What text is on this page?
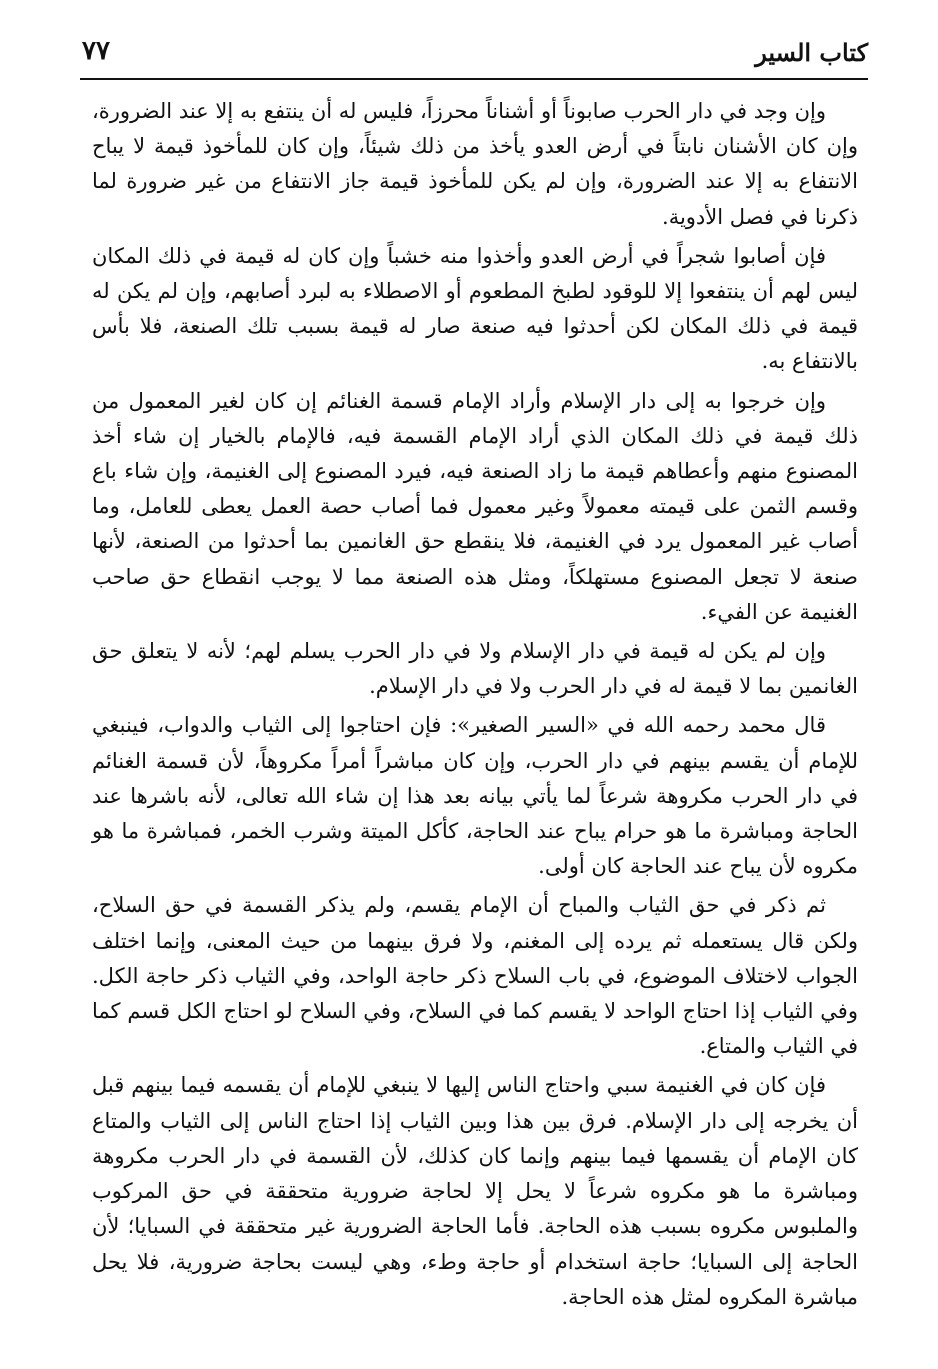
كتاب السير
٧٧

وإن وجد في دار الحرب صابوناً أو أشناناً محرزاً، فليس له أن ينتفع به إلا عند الضرورة، وإن كان الأشنان نابتاً في أرض العدو يأخذ من ذلك شيئاً، وإن كان للمأخوذ قيمة لا يباح الانتفاع به إلا عند الضرورة، وإن لم يكن للمأخوذ قيمة جاز الانتفاع من غير ضرورة لما ذكرنا في فصل الأدوية.

فإن أصابوا شجراً في أرض العدو وأخذوا منه خشباً وإن كان له قيمة في ذلك المكان ليس لهم أن ينتفعوا إلا للوقود لطبخ المطعوم أو الاصطلاء به لبرد أصابهم، وإن لم يكن له قيمة في ذلك المكان لكن أحدثوا فيه صنعة صار له قيمة بسبب تلك الصنعة، فلا بأس بالانتفاع به.

وإن خرجوا به إلى دار الإسلام وأراد الإمام قسمة الغنائم إن كان لغير المعمول من ذلك قيمة في ذلك المكان الذي أراد الإمام القسمة فيه، فالإمام بالخيار إن شاء أخذ المصنوع منهم وأعطاهم قيمة ما زاد الصنعة فيه، فيرد المصنوع إلى الغنيمة، وإن شاء باع وقسم الثمن على قيمته معمولاً وغير معمول فما أصاب حصة العمل يعطى للعامل، وما أصاب غير المعمول يرد في الغنيمة، فلا ينقطع حق الغانمين بما أحدثوا من الصنعة، لأنها صنعة لا تجعل المصنوع مستهلكاً، ومثل هذه الصنعة مما لا يوجب انقطاع حق صاحب الغنيمة عن الفيء.

وإن لم يكن له قيمة في دار الإسلام ولا في دار الحرب يسلم لهم؛ لأنه لا يتعلق حق الغانمين بما لا قيمة له في دار الحرب ولا في دار الإسلام.

قال محمد رحمه الله في «السير الصغير»: فإن احتاجوا إلى الثياب والدواب، فينبغي للإمام أن يقسم بينهم في دار الحرب، وإن كان مباشراً أمراً مكروهاً، لأن قسمة الغنائم في دار الحرب مكروهة شرعاً لما يأتي بيانه بعد هذا إن شاء الله تعالى، لأنه باشرها عند الحاجة ومباشرة ما هو حرام يباح عند الحاجة، كأكل الميتة وشرب الخمر، فمباشرة ما هو مكروه لأن يباح عند الحاجة كان أولى.

ثم ذكر في حق الثياب والمباح أن الإمام يقسم، ولم يذكر القسمة في حق السلاح، ولكن قال يستعمله ثم يرده إلى المغنم، ولا فرق بينهما من حيث المعنى، وإنما اختلف الجواب لاختلاف الموضوع، في باب السلاح ذكر حاجة الواحد، وفي الثياب ذكر حاجة الكل. وفي الثياب إذا احتاج الواحد لا يقسم كما في السلاح، وفي السلاح لو احتاج الكل قسم كما في الثياب والمتاع.

فإن كان في الغنيمة سبي واحتاج الناس إليها لا ينبغي للإمام أن يقسمه فيما بينهم قبل أن يخرجه إلى دار الإسلام. فرق بين هذا وبين الثياب إذا احتاج الناس إلى الثياب والمتاع كان الإمام أن يقسمها فيما بينهم وإنما كان كذلك، لأن القسمة في دار الحرب مكروهة ومباشرة ما هو مكروه شرعاً لا يحل إلا لحاجة ضرورية متحققة في حق المركوب والملبوس مكروه بسبب هذه الحاجة. فأما الحاجة الضرورية غير متحققة في السبايا؛ لأن الحاجة إلى السبايا؛ حاجة استخدام أو حاجة وطء، وهي ليست بحاجة ضرورية، فلا يحل مباشرة المكروه لمثل هذه الحاجة.
